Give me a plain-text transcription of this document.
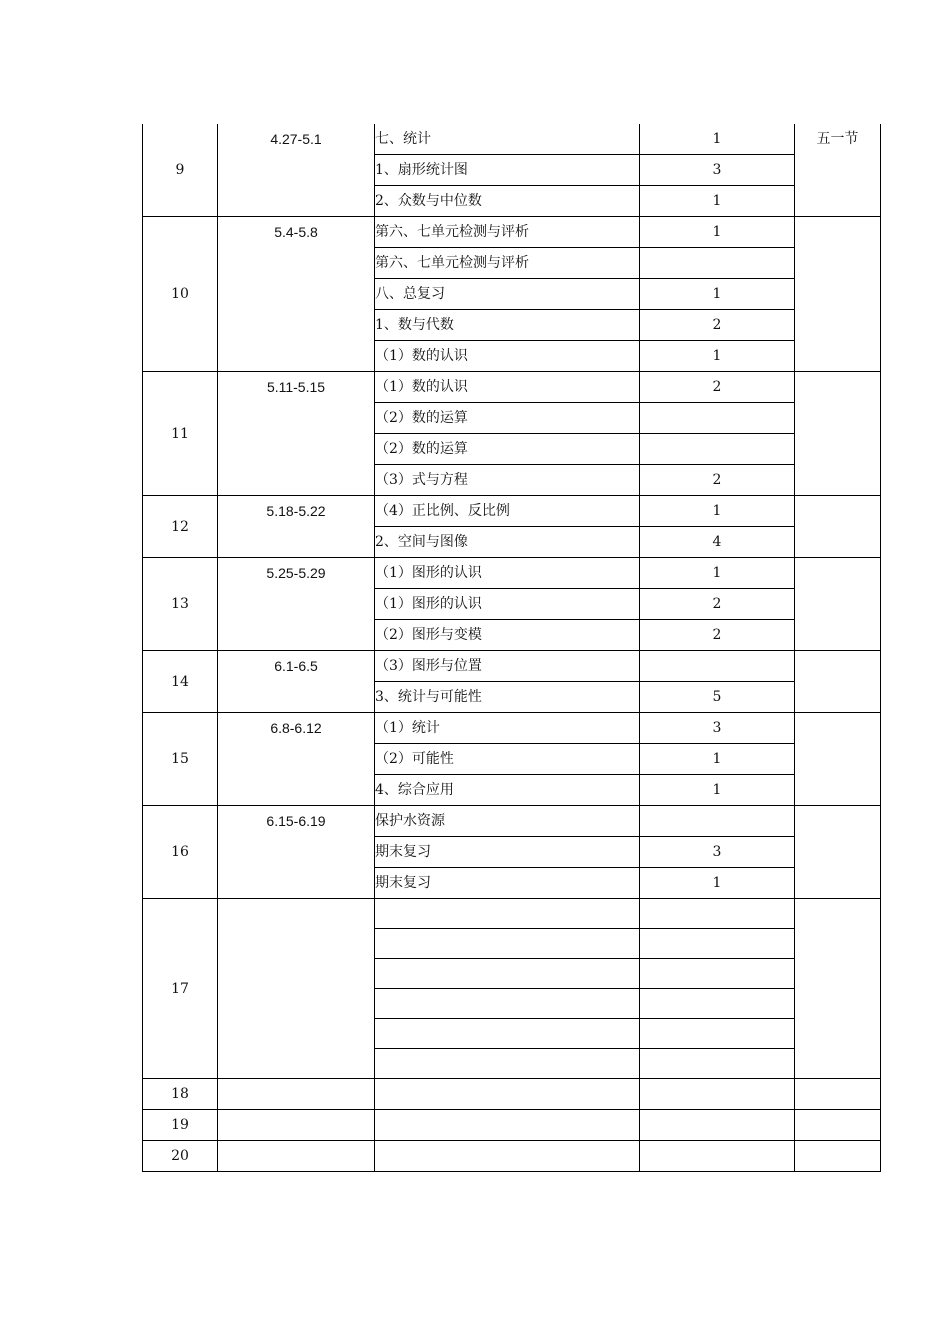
9	4.27-5.1	七、统计	1	五一节
		1、扇形统计图	3	
		2、众数与中位数	1	
10	5.4-5.8	第六、七单元检测与评析	1	
		第六、七单元检测与评析		
		八、总复习	1	
		1、数与代数	2	
		（1）数的认识	1	
11	5.11-5.15	（1）数的认识	2	
		（2）数的运算		
		（2）数的运算		
		（3）式与方程	2	
12	5.18-5.22	（4）正比例、反比例	1	
		2、空间与图像	4	
13	5.25-5.29	（1）图形的认识	1	
		（1）图形的认识	2	
		（2）图形与变模	2	
14	6.1-6.5	（3）图形与位置		
		3、统计与可能性	5	
15	6.8-6.12	（1）统计	3	
		（2）可能性	1	
		4、综合应用	1	
16	6.15-6.19	保护水资源		
		期末复习	3	
		期末复习	1	
17				

18				
19				
20				
